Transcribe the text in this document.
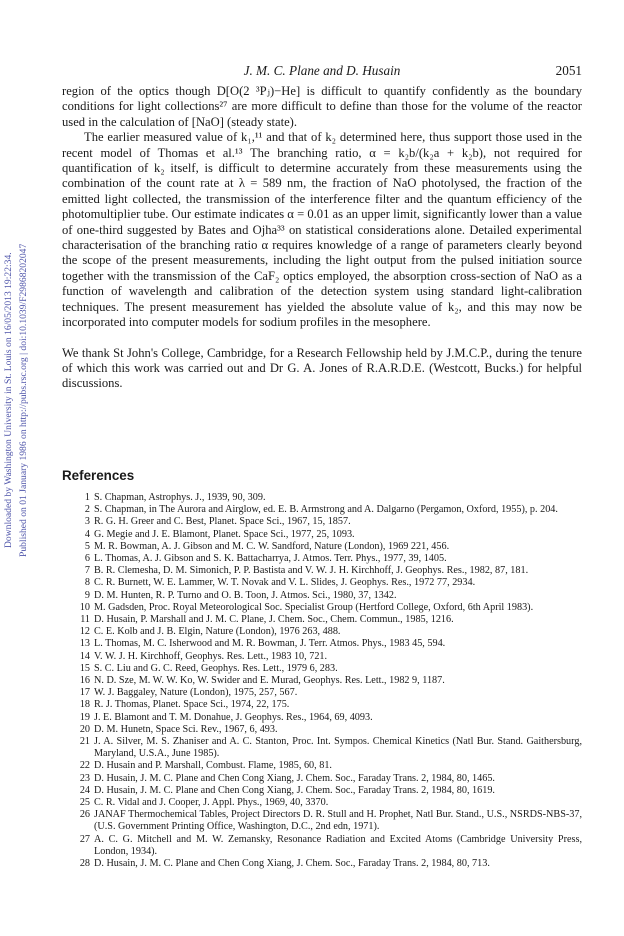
J. M. C. Plane and D. Husain	2051
Downloaded by Washington University in St. Louis on 16/05/2013 19:22:34. Published on 01 January 1986 on http://pubs.rsc.org | doi:10.1039/F29868202047

region of the optics though D[O(2 ³Pⱼ)−He] is difficult to quantify confidently as the boundary conditions for light collections²⁷ are more difficult to define than those for the volume of the reactor used in the calculation of [NaO] (steady state).

The earlier measured value of k₁,¹¹ and that of k₂ determined here, thus support those used in the recent model of Thomas et al.¹³ The branching ratio, α = k₂b/(k₂a + k₂b), not required for quantification of k₂ itself, is difficult to determine accurately from these measurements using the combination of the count rate at λ = 589 nm, the fraction of NaO photolysed, the fraction of the emitted light collected, the transmission of the interference filter and the quantum efficiency of the photomultiplier tube. Our estimate indicates α = 0.01 as an upper limit, significantly lower than a value of one-third suggested by Bates and Ojha³³ on statistical considerations alone. Detailed experimental characterisation of the branching ratio α requires knowledge of a range of parameters clearly beyond the scope of the present measurements, including the light output from the pulsed initiation source together with the transmission of the CaF₂ optics employed, the absorption cross-section of NaO as a function of wavelength and calibration of the detection system using standard light-calibration techniques. The present measurement has yielded the absolute value of k₂, and this may now be incorporated into computer models for sodium profiles in the mesophere.

We thank St John's College, Cambridge, for a Research Fellowship held by J.M.C.P., during the tenure of which this work was carried out and Dr G. A. Jones of R.A.R.D.E. (Westcott, Bucks.) for helpful discussions.

References
1 S. Chapman, Astrophys. J., 1939, 90, 309.
2 S. Chapman, in The Aurora and Airglow, ed. E. B. Armstrong and A. Dalgarno (Pergamon, Oxford, 1955), p. 204.
3 R. G. H. Greer and C. Best, Planet. Space Sci., 1967, 15, 1857.
4 G. Megie and J. E. Blamont, Planet. Space Sci., 1977, 25, 1093.
5 M. R. Bowman, A. J. Gibson and M. C. W. Sandford, Nature (London), 1969 221, 456.
6 L. Thomas, A. J. Gibson and S. K. Battacharrya, J. Atmos. Terr. Phys., 1977, 39, 1405.
7 B. R. Clemesha, D. M. Simonich, P. P. Bastista and V. W. J. H. Kirchhoff, J. Geophys. Res., 1982, 87, 181.
8 C. R. Burnett, W. E. Lammer, W. T. Novak and V. L. Slides, J. Geophys. Res., 1972 77, 2934.
9 D. M. Hunten, R. P. Turno and O. B. Toon, J. Atmos. Sci., 1980, 37, 1342.
10 M. Gadsden, Proc. Royal Meteorological Soc. Specialist Group (Hertford College, Oxford, 6th April 1983).
11 D. Husain, P. Marshall and J. M. C. Plane, J. Chem. Soc., Chem. Commun., 1985, 1216.
12 C. E. Kolb and J. B. Elgin, Nature (London), 1976 263, 488.
13 L. Thomas, M. C. Isherwood and M. R. Bowman, J. Terr. Atmos. Phys., 1983 45, 594.
14 V. W. J. H. Kirchhoff, Geophys. Res. Lett., 1983 10, 721.
15 S. C. Liu and G. C. Reed, Geophys. Res. Lett., 1979 6, 283.
16 N. D. Sze, M. W. W. Ko, W. Swider and E. Murad, Geophys. Res. Lett., 1982 9, 1187.
17 W. J. Baggaley, Nature (London), 1975, 257, 567.
18 R. J. Thomas, Planet. Space Sci., 1974, 22, 175.
19 J. E. Blamont and T. M. Donahue, J. Geophys. Res., 1964, 69, 4093.
20 D. M. Hunetn, Space Sci. Rev., 1967, 6, 493.
21 J. A. Silver, M. S. Zhaniser and A. C. Stanton, Proc. Int. Sympos. Chemical Kinetics (Natl Bur. Stand. Gaithersburg, Maryland, U.S.A., June 1985).
22 D. Husain and P. Marshall, Combust. Flame, 1985, 60, 81.
23 D. Husain, J. M. C. Plane and Chen Cong Xiang, J. Chem. Soc., Faraday Trans. 2, 1984, 80, 1465.
24 D. Husain, J. M. C. Plane and Chen Cong Xiang, J. Chem. Soc., Faraday Trans. 2, 1984, 80, 1619.
25 C. R. Vidal and J. Cooper, J. Appl. Phys., 1969, 40, 3370.
26 JANAF Thermochemical Tables, Project Directors D. R. Stull and H. Prophet, Natl Bur. Stand., U.S., NSRDS-NBS-37, (U.S. Government Printing Office, Washington, D.C., 2nd edn, 1971).
27 A. C. G. Mitchell and M. W. Zemansky, Resonance Radiation and Excited Atoms (Cambridge University Press, London, 1934).
28 D. Husain, J. M. C. Plane and Chen Cong Xiang, J. Chem. Soc., Faraday Trans. 2, 1984, 80, 713.
